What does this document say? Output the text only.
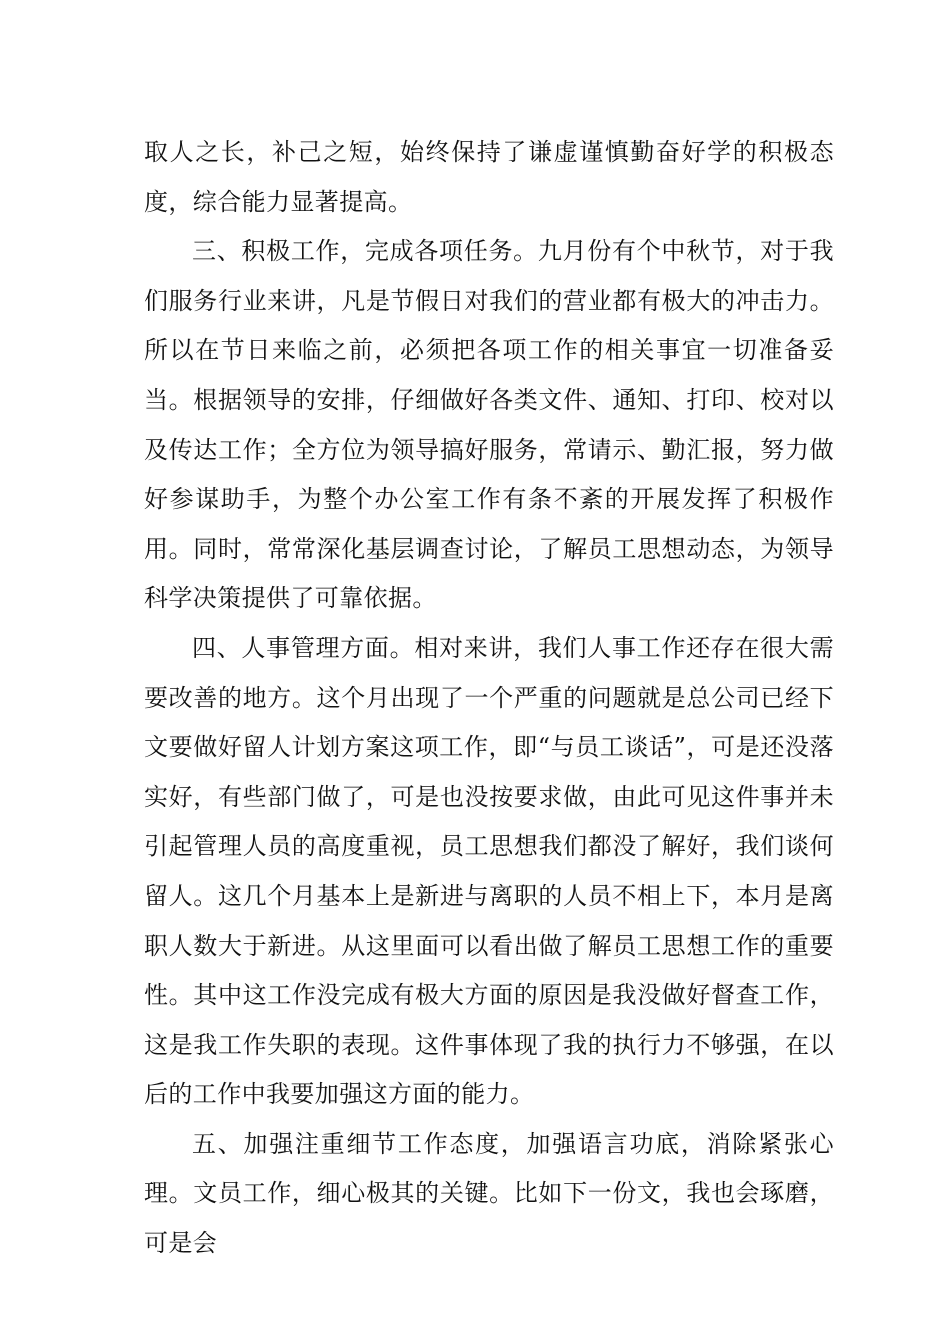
取人之长，补己之短，始终保持了谦虚谨慎勤奋好学的积极态度，综合能力显著提高。

三、积极工作，完成各项任务。九月份有个中秋节，对于我们服务行业来讲，凡是节假日对我们的营业都有极大的冲击力。所以在节日来临之前，必须把各项工作的相关事宜一切准备妥当。根据领导的安排，仔细做好各类文件、通知、打印、校对以及传达工作；全方位为领导搞好服务，常请示、勤汇报，努力做好参谋助手，为整个办公室工作有条不紊的开展发挥了积极作用。同时，常常深化基层调查讨论，了解员工思想动态，为领导科学决策提供了可靠依据。

四、人事管理方面。相对来讲，我们人事工作还存在很大需要改善的地方。这个月出现了一个严重的问题就是总公司已经下文要做好留人计划方案这项工作，即“与员工谈话”，可是还没落实好，有些部门做了，可是也没按要求做，由此可见这件事并未引起管理人员的高度重视，员工思想我们都没了解好，我们谈何留人。这几个月基本上是新进与离职的人员不相上下，本月是离职人数大于新进。从这里面可以看出做了解员工思想工作的重要性。其中这工作没完成有极大方面的原因是我没做好督查工作，这是我工作失职的表现。这件事体现了我的执行力不够强，在以后的工作中我要加强这方面的能力。

五、加强注重细节工作态度，加强语言功底，消除紧张心理。文员工作，细心极其的关键。比如下一份文，我也会琢磨，可是会
